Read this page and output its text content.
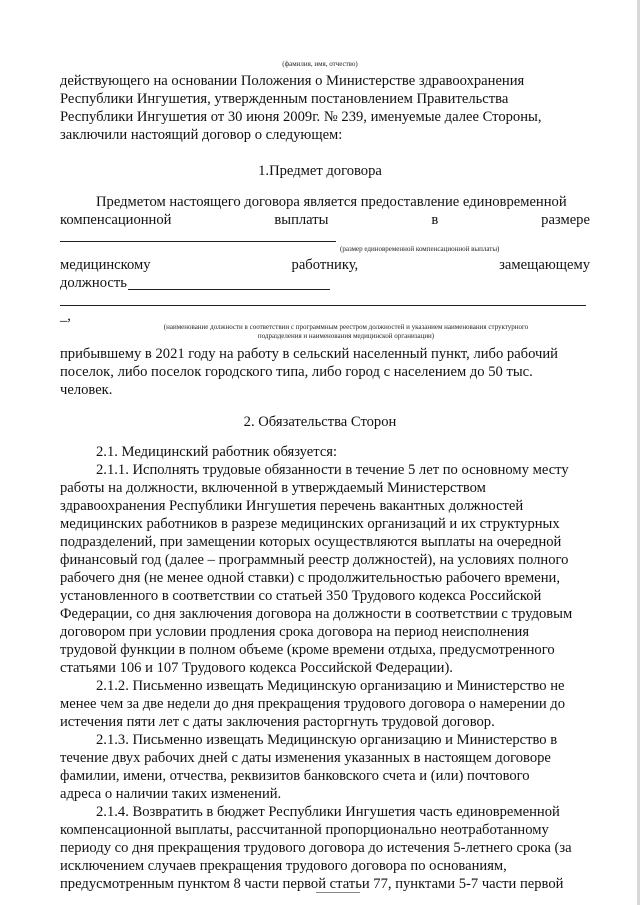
(фамилия, имя, отчество)
действующего на основании Положения о Министерстве здравоохранения
Республики Ингушетия, утвержденным постановлением Правительства
Республики Ингушетия от 30 июня 2009г. № 239, именуемые далее Стороны,
заключили настоящий договор о следующем:
1.Предмет договора
Предметом настоящего договора является предоставление единовременной
компенсационной	выплаты	в	размере
(размер единовременной компенсационной выплаты)
медицинскому	работнику,	замещающему
должность
_,
(наименование должности в соответствии с программным реестром должностей и указанием наименования структурного
подразделения и наименования медицинской организации)
прибывшему в 2021 году на работу в сельский населенный пункт, либо рабочий
поселок, либо поселок городского типа, либо город с населением до 50 тыс.
человек.
2. Обязательства Сторон
2.1. Медицинский работник обязуется:
2.1.1. Исполнять трудовые обязанности в течение 5 лет по основному месту
работы на должности, включенной в утверждаемый Министерством
здравоохранения Республики Ингушетия перечень вакантных должностей
медицинских работников в разрезе медицинских организаций и их структурных
подразделений, при замещении которых осуществляются выплаты на очередной
финансовый год (далее – программный реестр должностей), на условиях полного
рабочего дня (не менее одной ставки) с продолжительностью рабочего времени,
установленного в соответствии со статьей 350 Трудового кодекса Российской
Федерации, со дня заключения договора на должности в соответствии с трудовым
договором при условии продления срока договора на период неисполнения
трудовой функции в полном объеме (кроме времени отдыха, предусмотренного
статьями 106 и 107 Трудового кодекса Российской Федерации).
2.1.2. Письменно извещать Медицинскую организацию и Министерство не
менее чем за две недели до дня прекращения трудового договора о намерении до
истечения пяти лет с даты заключения расторгнуть трудовой договор.
2.1.3. Письменно извещать Медицинскую организацию и Министерство в
течение двух рабочих дней с даты изменения указанных в настоящем договоре
фамилии, имени, отчества, реквизитов банковского счета и (или) почтового
адреса о наличии таких изменений.
2.1.4. Возвратить в бюджет Республики Ингушетия часть единовременной
компенсационной выплаты, рассчитанной пропорционально неотработанному
периоду со дня прекращения трудового договора до истечения 5-летнего срока (за
исключением случаев прекращения трудового договора по основаниям,
предусмотренным пунктом 8 части первой статьи 77, пунктами 5-7 части первой
